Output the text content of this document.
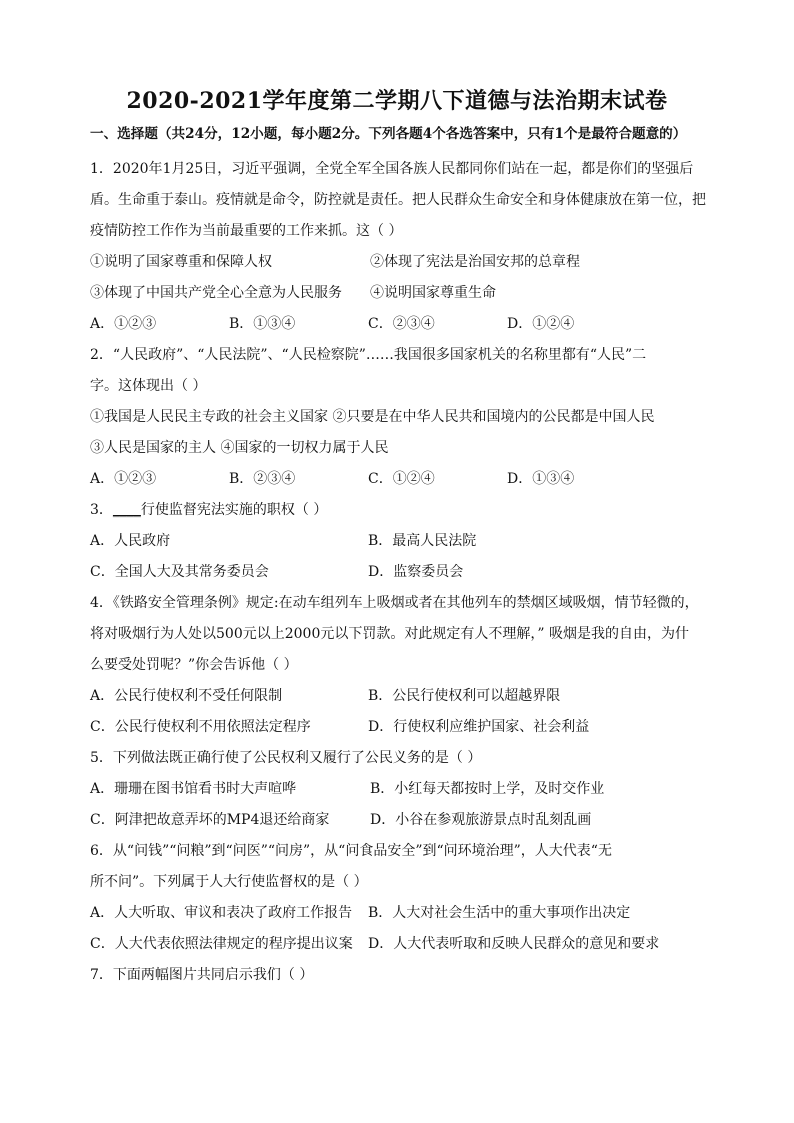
2020-2021学年度第二学期八下道德与法治期末试卷
一、选择题（共24分，12小题，每小题2分。下列各题4个各选答案中，只有1个是最符合题意的）
1．2020年1月25日，习近平强调，全党全军全国各族人民都同你们站在一起，都是你们的坚强后
盾。生命重于泰山。疫情就是命令，防控就是责任。把人民群众生命安全和身体健康放在第一位，把
疫情防控工作作为当前最重要的工作来抓。这（ ）
①说明了国家尊重和保障人权	②体现了宪法是治国安邦的总章程
③体现了中国共产党全心全意为人民服务 ④说明国家尊重生命
A．①②③	B．①③④	C．②③④	D．①②④
2．“人民政府”、“人民法院”、“人民检察院”……我国很多国家机关的名称里都有“人民”二
字。这体现出（ ）
①我国是人民民主专政的社会主义国家 ②只要是在中华人民共和国境内的公民都是中国人民
③人民是国家的主人 ④国家的一切权力属于人民
A．①②③	B．②③④	C．①②④	D．①③④
3．____行使监督宪法实施的职权（ ）
A．人民政府	B．最高人民法院
C．全国人大及其常务委员会	D．监察委员会
4．《铁路安全管理条例》规定:在动车组列车上吸烟或者在其他列车的禁烟区域吸烟，情节轻微的，
将对吸烟行为人处以500元以上2000元以下罚款。对此规定有人不理解，” 吸烟是我的自由，为什
么要受处罚呢？”你会告诉他（ ）
A．公民行使权利不受任何限制	B．公民行使权利可以超越界限
C．公民行使权利不用依照法定程序	D．行使权利应维护国家、社会利益
5．下列做法既正确行使了公民权利又履行了公民义务的是（ ）
A．珊珊在图书馆看书时大声喧哗	B．小红每天都按时上学，及时交作业
C．阿津把故意弄坏的MP4退还给商家	D．小谷在参观旅游景点时乱刻乱画
6．从“问钱”“问粮”到“问医”“问房”，从“问食品安全”到“问环境治理”，人大代表“无
所不问”。下列属于人大行使监督权的是（ ）
A．人大听取、审议和表决了政府工作报告 B．人大对社会生活中的重大事项作出决定
C．人大代表依照法律规定的程序提出议案 D．人大代表听取和反映人民群众的意见和要求
7．下面两幅图片共同启示我们（ ）
